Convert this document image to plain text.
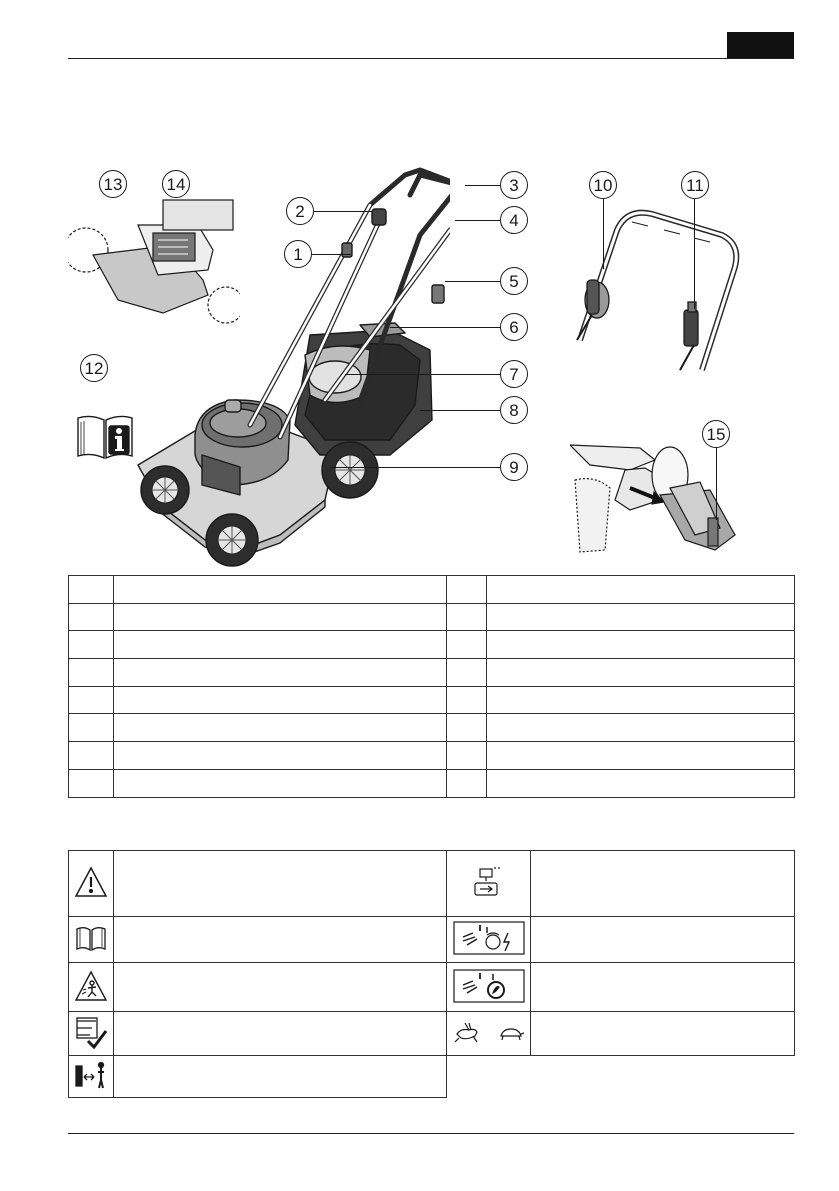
1
2
3
4
5
6
7
8
9
13	14
12
10	11
15
